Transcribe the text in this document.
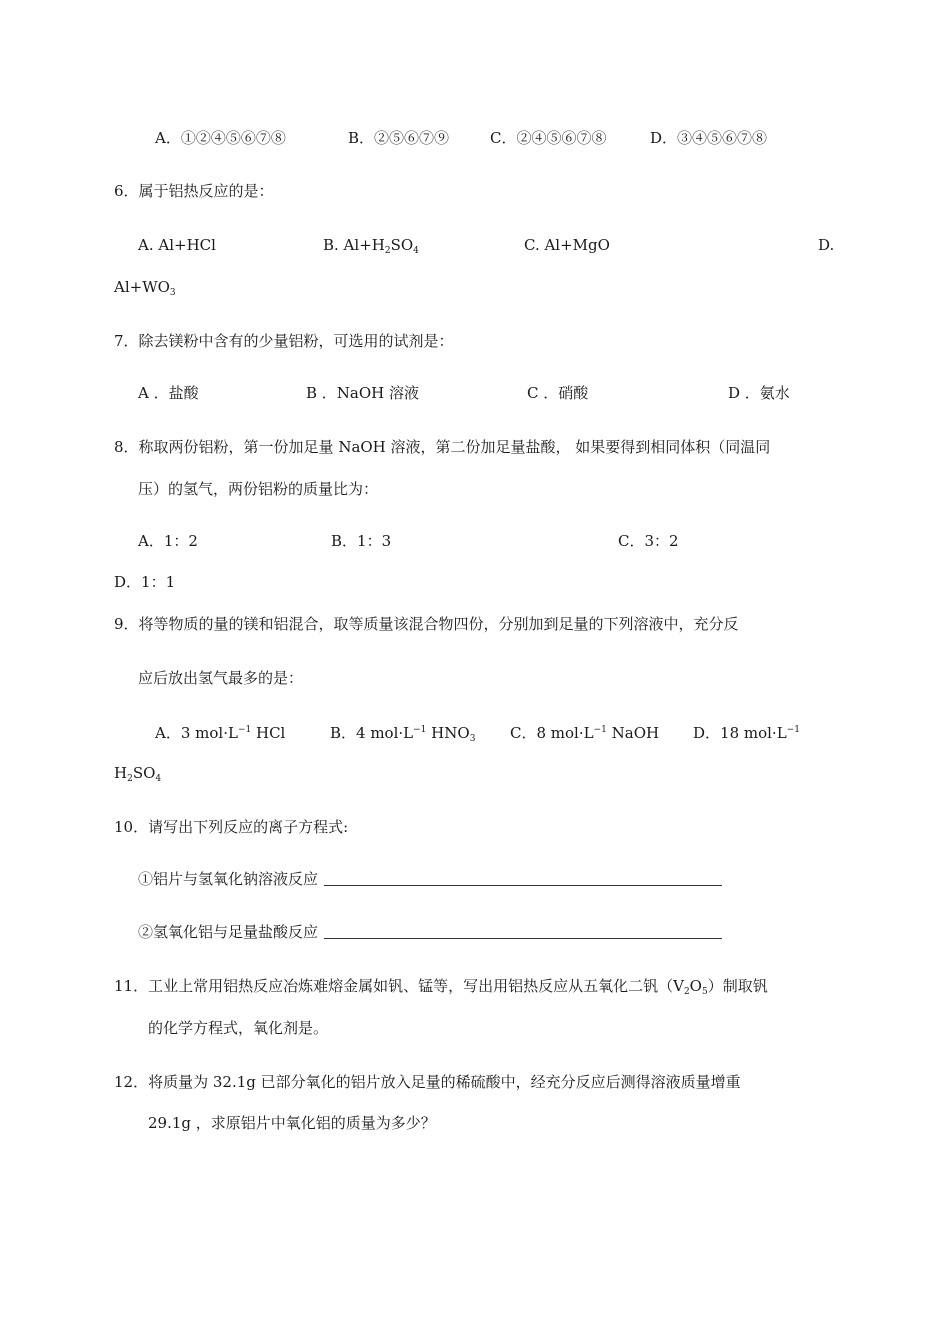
A．①②④⑤⑥⑦⑧	B．②⑤⑥⑦⑨	C．②④⑤⑥⑦⑧	D．③④⑤⑥⑦⑧
6．属于铝热反应的是：
A. Al+HCl	B. $Al+H_2SO_4$	C. Al+MgO	D.
$Al+WO_3$
7．除去镁粉中含有的少量铝粉，可选用的试剂是：
A ．盐酸	B ．NaOH 溶液	C ．硝酸	D ．氨水
8．称取两份铝粉，第一份加足量 NaOH 溶液，第二份加足量盐酸， 如果要得到相同体积（同温同
压）的氢气，两份铝粉的质量比为：
A．1：2	B．1：3	C．3：2
D．1：1
9．将等物质的量的镁和铝混合，取等质量该混合物四份，分别加到足量的下列溶液中，充分反
应后放出氢气最多的是：
A．3 $mol\cdot L^{-1}$ HCl	B．4 $mol\cdot L^{-1}$ $HNO_3$ C．8 $mol\cdot L^{-1}$ NaOH D．18 $mol\cdot L^{-1}$
$H_2SO_4$
10．请写出下列反应的离子方程式:
①铝片与氢氧化钠溶液反应
②氢氧化铝与足量盐酸反应
11．工业上常用铝热反应冶炼难熔金属如钒、锰等，写出用铝热反应从五氧化二钒$(V_2O_5)$制取钒
的化学方程式，氧化剂是。
12．将质量为 32.1g 已部分氧化的铝片放入足量的稀硫酸中，经充分反应后测得溶液质量增重
29.1g ，求原铝片中氧化铝的质量为多少？
